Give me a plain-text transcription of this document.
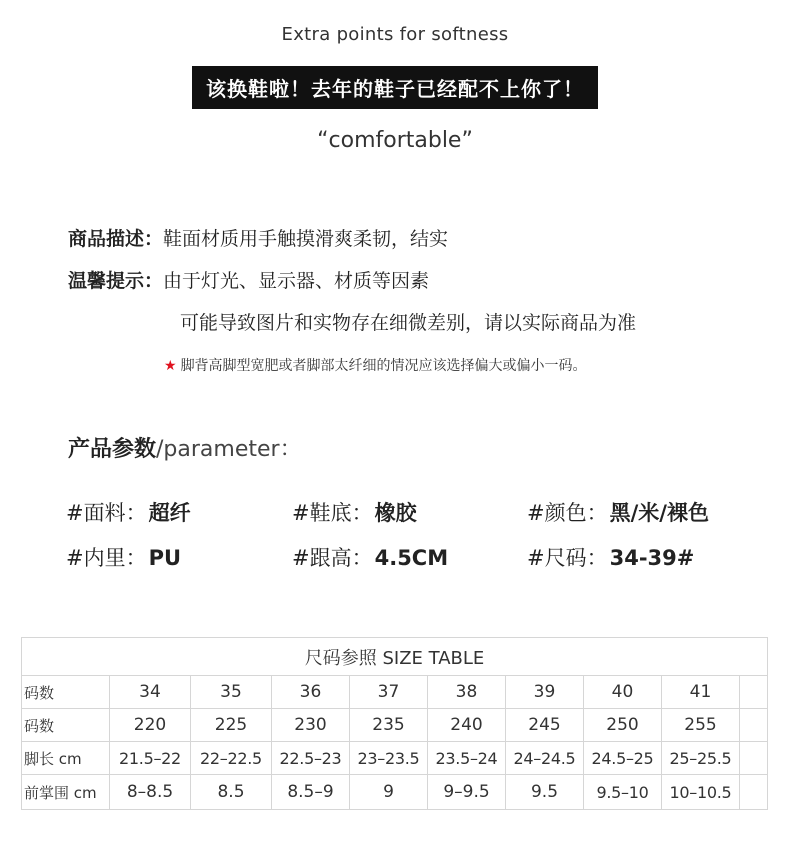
Extra points for softness
该换鞋啦！去年的鞋子已经配不上你了！
“comfortable”
商品描述：鞋面材质用手触摸滑爽柔韧，结实
温馨提示：由于灯光、显示器、材质等因素
可能导致图片和实物存在细微差别，请以实际商品为准
★ 脚背高脚型宽肥或者脚部太纤细的情况应该选择偏大或偏小一码。
产品参数/parameter：
#面料：超纤	#鞋底：橡胶	#颜色：黑/米/裸色
#内里：PU	#跟高：4.5CM	#尺码：34-39#
尺码参照 SIZE TABLE									
码数	34	35	36	37	38	39	40	41	
码数	220	225	230	235	240	245	250	255	
脚长 cm	21.5–22	22–22.5	22.5–23	23–23.5	23.5–24	24–24.5	24.5–25	25–25.5	
前掌围 cm	8–8.5	8.5	8.5–9	9	9–9.5	9.5	9.5–10	10–10.5	
